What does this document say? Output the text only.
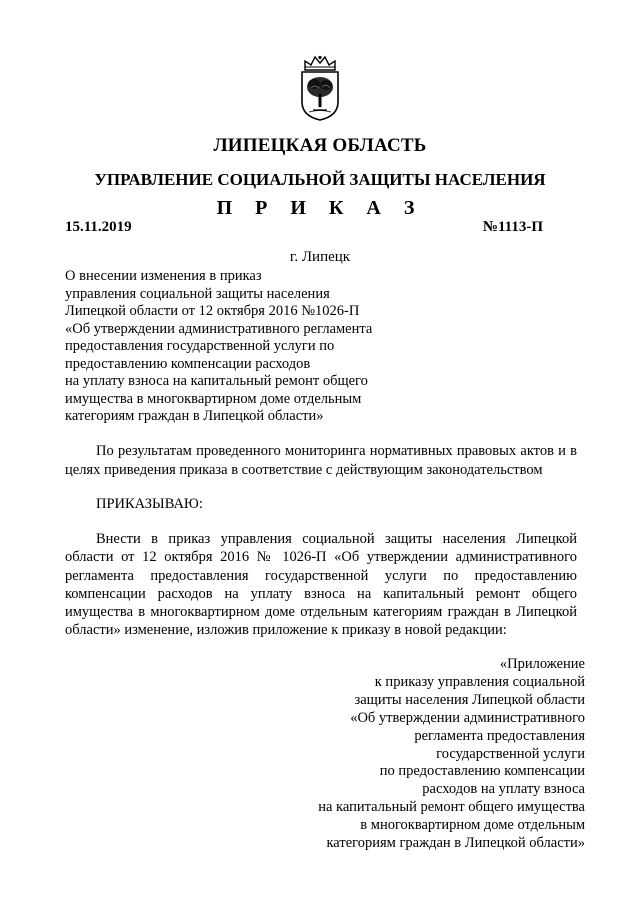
ЛИПЕЦКАЯ ОБЛАСТЬ
УПРАВЛЕНИЕ СОЦИАЛЬНОЙ ЗАЩИТЫ НАСЕЛЕНИЯ
П Р И К А З
15.11.2019	№1113-П
г. Липецк
О внесении изменения в приказ
управления социальной защиты населения
Липецкой области от 12 октября 2016 №1026-П
«Об утверждении административного регламента
предоставления государственной услуги по
предоставлению компенсации расходов
на уплату взноса на капитальный ремонт общего
имущества в многоквартирном доме отдельным
категориям граждан в Липецкой области»
По результатам проведенного мониторинга нормативных правовых актов и в целях приведения приказа в соответствие с действующим законодательством
ПРИКАЗЫВАЮ:
Внести в приказ управления социальной защиты населения Липецкой области от 12 октября 2016 № 1026-П «Об утверждении административного регламента предоставления государственной услуги по предоставлению компенсации расходов на уплату взноса на капитальный ремонт общего имущества в многоквартирном доме отдельным категориям граждан в Липецкой области» изменение, изложив приложение к приказу в новой редакции:
«Приложение
к приказу управления социальной
защиты населения Липецкой области
«Об утверждении административного
регламента предоставления
государственной услуги
по предоставлению компенсации
расходов на уплату взноса
на капитальный ремонт общего имущества
в многоквартирном доме отдельным
категориям граждан в Липецкой области»
